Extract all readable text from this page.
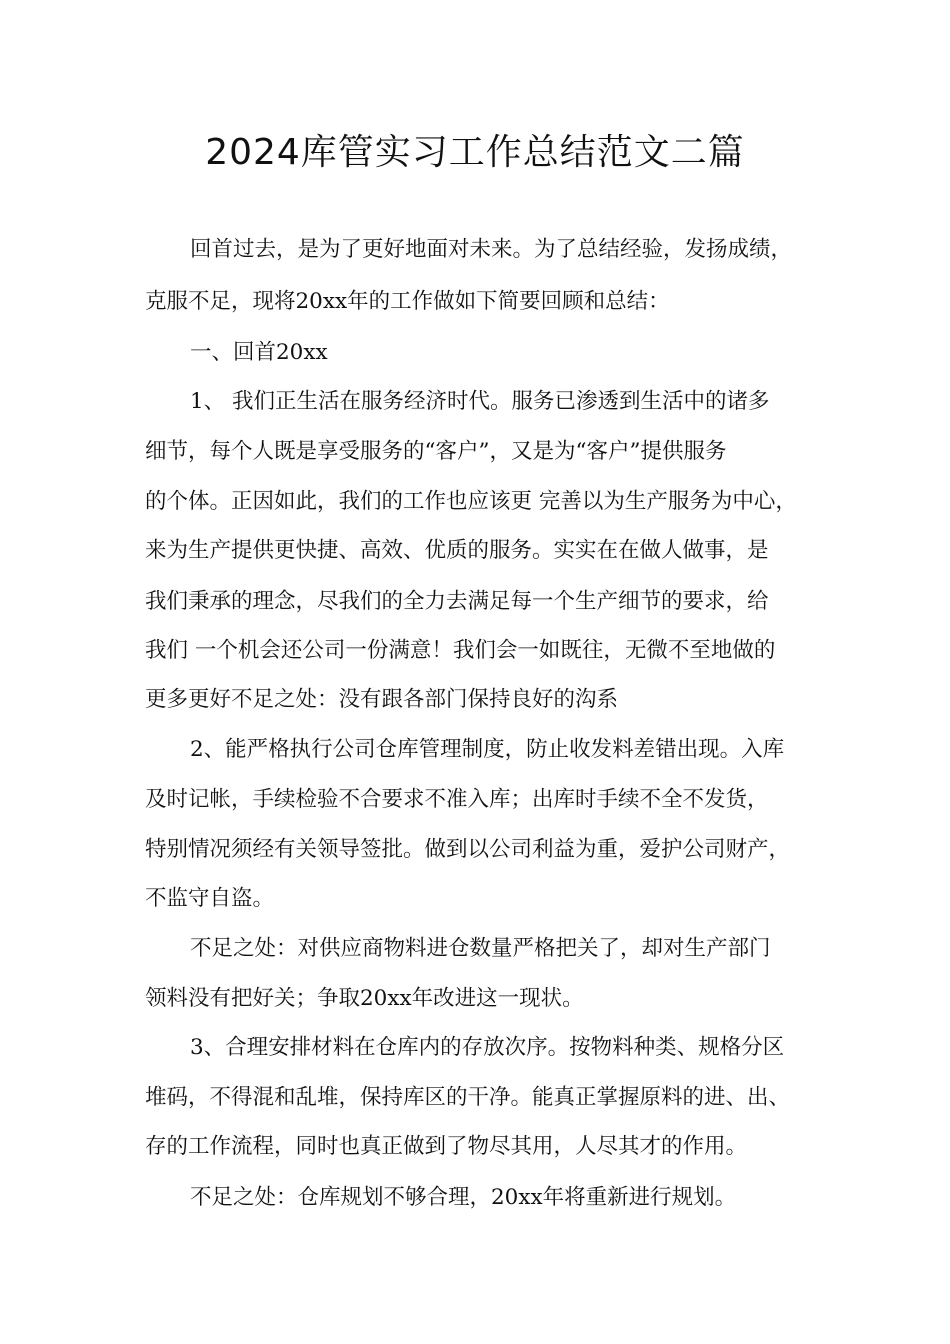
2024库管实习工作总结范文二篇

回首过去，是为了更好地面对未来。为了总结经验，发扬成绩，

克服不足，现将20xx年的工作做如下简要回顾和总结：

一、回首20xx

1、 我们正生活在服务经济时代。服务已渗透到生活中的诸多

细节，每个人既是享受服务的“客户”，又是为“客户”提供服务

的个体。正因如此，我们的工作也应该更 完善以为生产服务为中心，

来为生产提供更快捷、高效、优质的服务。实实在在做人做事，是

我们秉承的理念，尽我们的全力去满足每一个生产细节的要求，给

我们 一个机会还公司一份满意！我们会一如既往，无微不至地做的

更多更好不足之处：没有跟各部门保持良好的沟系

2、能严格执行公司仓库管理制度，防止收发料差错出现。入库

及时记帐，手续检验不合要求不准入库；出库时手续不全不发货，

特别情况须经有关领导签批。做到以公司利益为重，爱护公司财产，

不监守自盗。

不足之处：对供应商物料进仓数量严格把关了，却对生产部门

领料没有把好关；争取20xx年改进这一现状。

3、合理安排材料在仓库内的存放次序。按物料种类、规格分区

堆码，不得混和乱堆，保持库区的干净。能真正掌握原料的进、出、

存的工作流程，同时也真正做到了物尽其用，人尽其才的作用。

不足之处：仓库规划不够合理，20xx年将重新进行规划。
